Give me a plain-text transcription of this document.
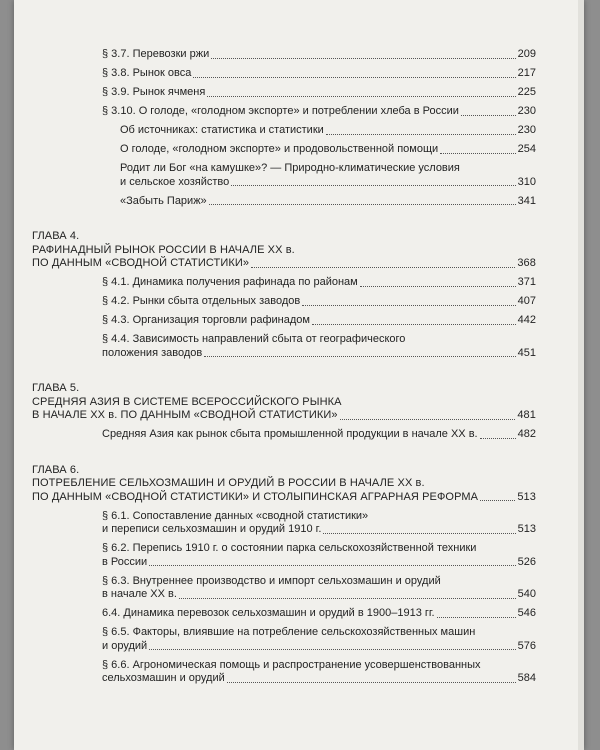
§ 3.7. Перевозки ржи	209
§ 3.8. Рынок овса	217
§ 3.9. Рынок ячменя	225
§ 3.10. О голоде, «голодном экспорте» и потреблении хлеба в России	230
Об источниках: статистика и статистики	230
О голоде, «голодном экспорте» и продовольственной помощи	254
Родит ли Бог «на камушке»? — Природно-климатические условия
и сельское хозяйство	310
«Забыть Париж»	341
ГЛАВА 4.
РАФИНАДНЫЙ РЫНОК РОССИИ В НАЧАЛЕ XX в.
ПО ДАННЫМ «СВОДНОЙ СТАТИСТИКИ»	368
§ 4.1. Динамика получения рафинада по районам	371
§ 4.2. Рынки сбыта отдельных заводов	407
§ 4.3. Организация торговли рафинадом	442
§ 4.4. Зависимость направлений сбыта от географического
положения заводов	451
ГЛАВА 5.
СРЕДНЯЯ АЗИЯ В СИСТЕМЕ ВСЕРОССИЙСКОГО РЫНКА
В НАЧАЛЕ XX в. ПО ДАННЫМ «СВОДНОЙ СТАТИСТИКИ»	481
Средняя Азия как рынок сбыта промышленной продукции в начале XX в.	482
ГЛАВА 6.
ПОТРЕБЛЕНИЕ СЕЛЬХОЗМАШИН И ОРУДИЙ В РОССИИ В НАЧАЛЕ XX в.
ПО ДАННЫМ «СВОДНОЙ СТАТИСТИКИ» И СТОЛЫПИНСКАЯ АГРАРНАЯ РЕФОРМА	513
§ 6.1. Сопоставление данных «сводной статистики»
и переписи сельхозмашин и орудий 1910 г.	513
§ 6.2. Перепись 1910 г. о состоянии парка сельскохозяйственной техники
в России	526
§ 6.3. Внутреннее производство и импорт сельхозмашин и орудий
в начале XX в.	540
6.4. Динамика перевозок сельхозмашин и орудий в 1900–1913 гг.	546
§ 6.5. Факторы, влиявшие на потребление сельскохозяйственных машин
и орудий	576
§ 6.6. Агрономическая помощь и распространение усовершенствованных
сельхозмашин и орудий	584
